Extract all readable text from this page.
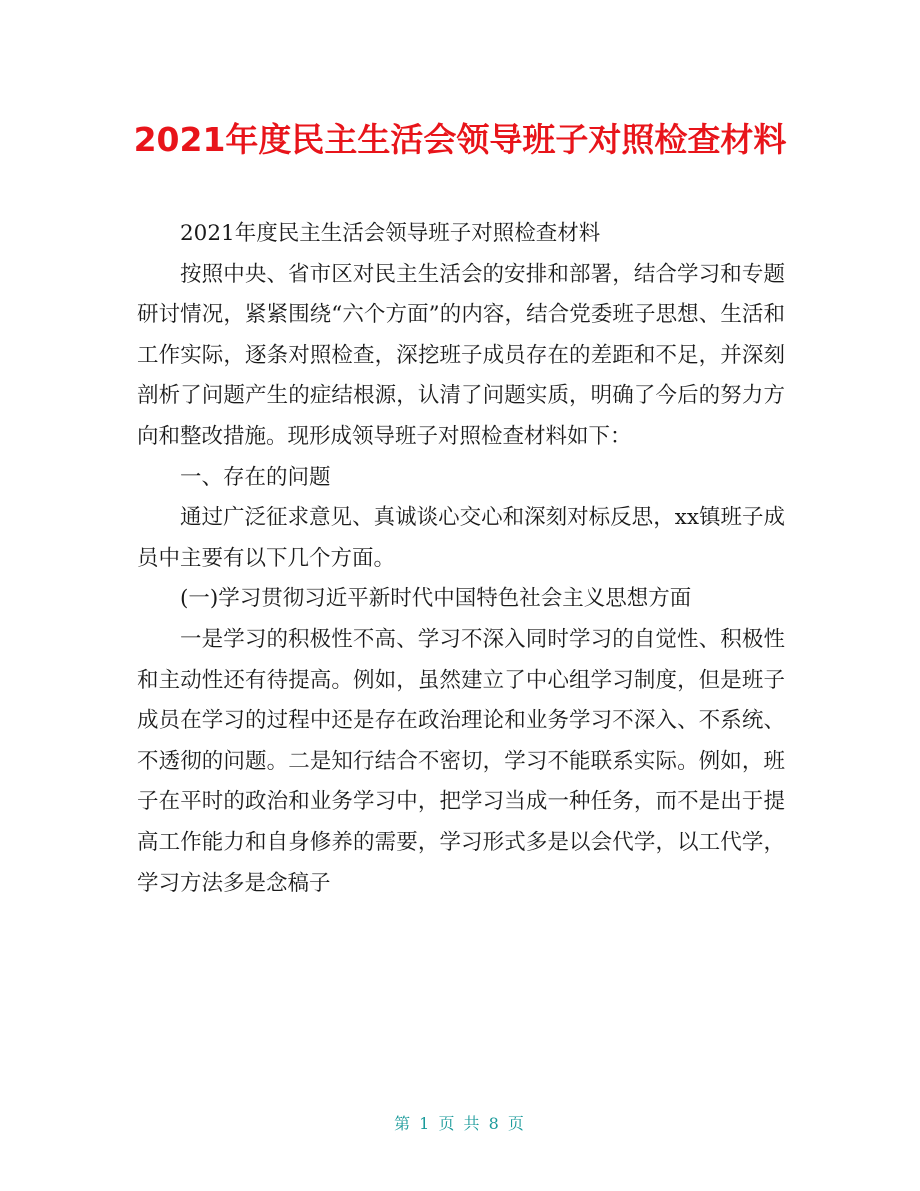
2021年度民主生活会领导班子对照检查材料

2021年度民主生活会领导班子对照检查材料

按照中央、省市区对民主生活会的安排和部署，结合学习和专题研讨情况，紧紧围绕“六个方面”的内容，结合党委班子思想、生活和工作实际，逐条对照检查，深挖班子成员存在的差距和不足，并深刻剖析了问题产生的症结根源，认清了问题实质，明确了今后的努力方向和整改措施。现形成领导班子对照检查材料如下：

一、存在的问题

通过广泛征求意见、真诚谈心交心和深刻对标反思，xx镇班子成员中主要有以下几个方面。

(一)学习贯彻习近平新时代中国特色社会主义思想方面

一是学习的积极性不高、学习不深入同时学习的自觉性、积极性和主动性还有待提高。例如，虽然建立了中心组学习制度，但是班子成员在学习的过程中还是存在政治理论和业务学习不深入、不系统、不透彻的问题。二是知行结合不密切，学习不能联系实际。例如，班子在平时的政治和业务学习中，把学习当成一种任务，而不是出于提高工作能力和自身修养的需要，学习形式多是以会代学，以工代学，学习方法多是念稿子

第 1 页 共 8 页
